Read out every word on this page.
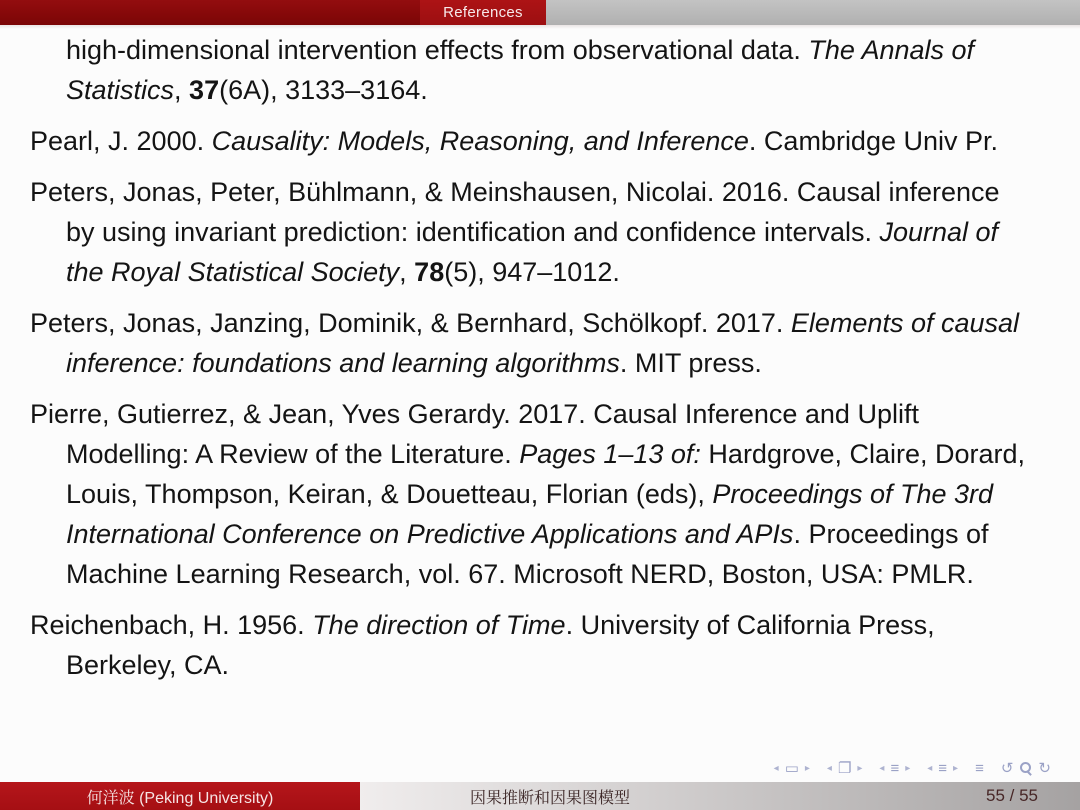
References

high-dimensional intervention effects from observational data. The Annals of Statistics, 37(6A), 3133–3164.

Pearl, J. 2000. Causality: Models, Reasoning, and Inference. Cambridge Univ Pr.

Peters, Jonas, Peter, Bühlmann, & Meinshausen, Nicolai. 2016. Causal inference by using invariant prediction: identification and confidence intervals. Journal of the Royal Statistical Society, 78(5), 947–1012.

Peters, Jonas, Janzing, Dominik, & Bernhard, Schölkopf. 2017. Elements of causal inference: foundations and learning algorithms. MIT press.

Pierre, Gutierrez, & Jean, Yves Gerardy. 2017. Causal Inference and Uplift Modelling: A Review of the Literature. Pages 1–13 of: Hardgrove, Claire, Dorard, Louis, Thompson, Keiran, & Douetteau, Florian (eds), Proceedings of The 3rd International Conference on Predictive Applications and APIs. Proceedings of Machine Learning Research, vol. 67. Microsoft NERD, Boston, USA: PMLR.

Reichenbach, H. 1956. The direction of Time. University of California Press, Berkeley, CA.

◂ ▭ ▸ ◂ ❐ ▸ ◂ ≡ ▸ ◂ ≡ ▸ ≡ ↺ ↻
何洋波 (Peking University)	因果推断和因果图模型	55 / 55
